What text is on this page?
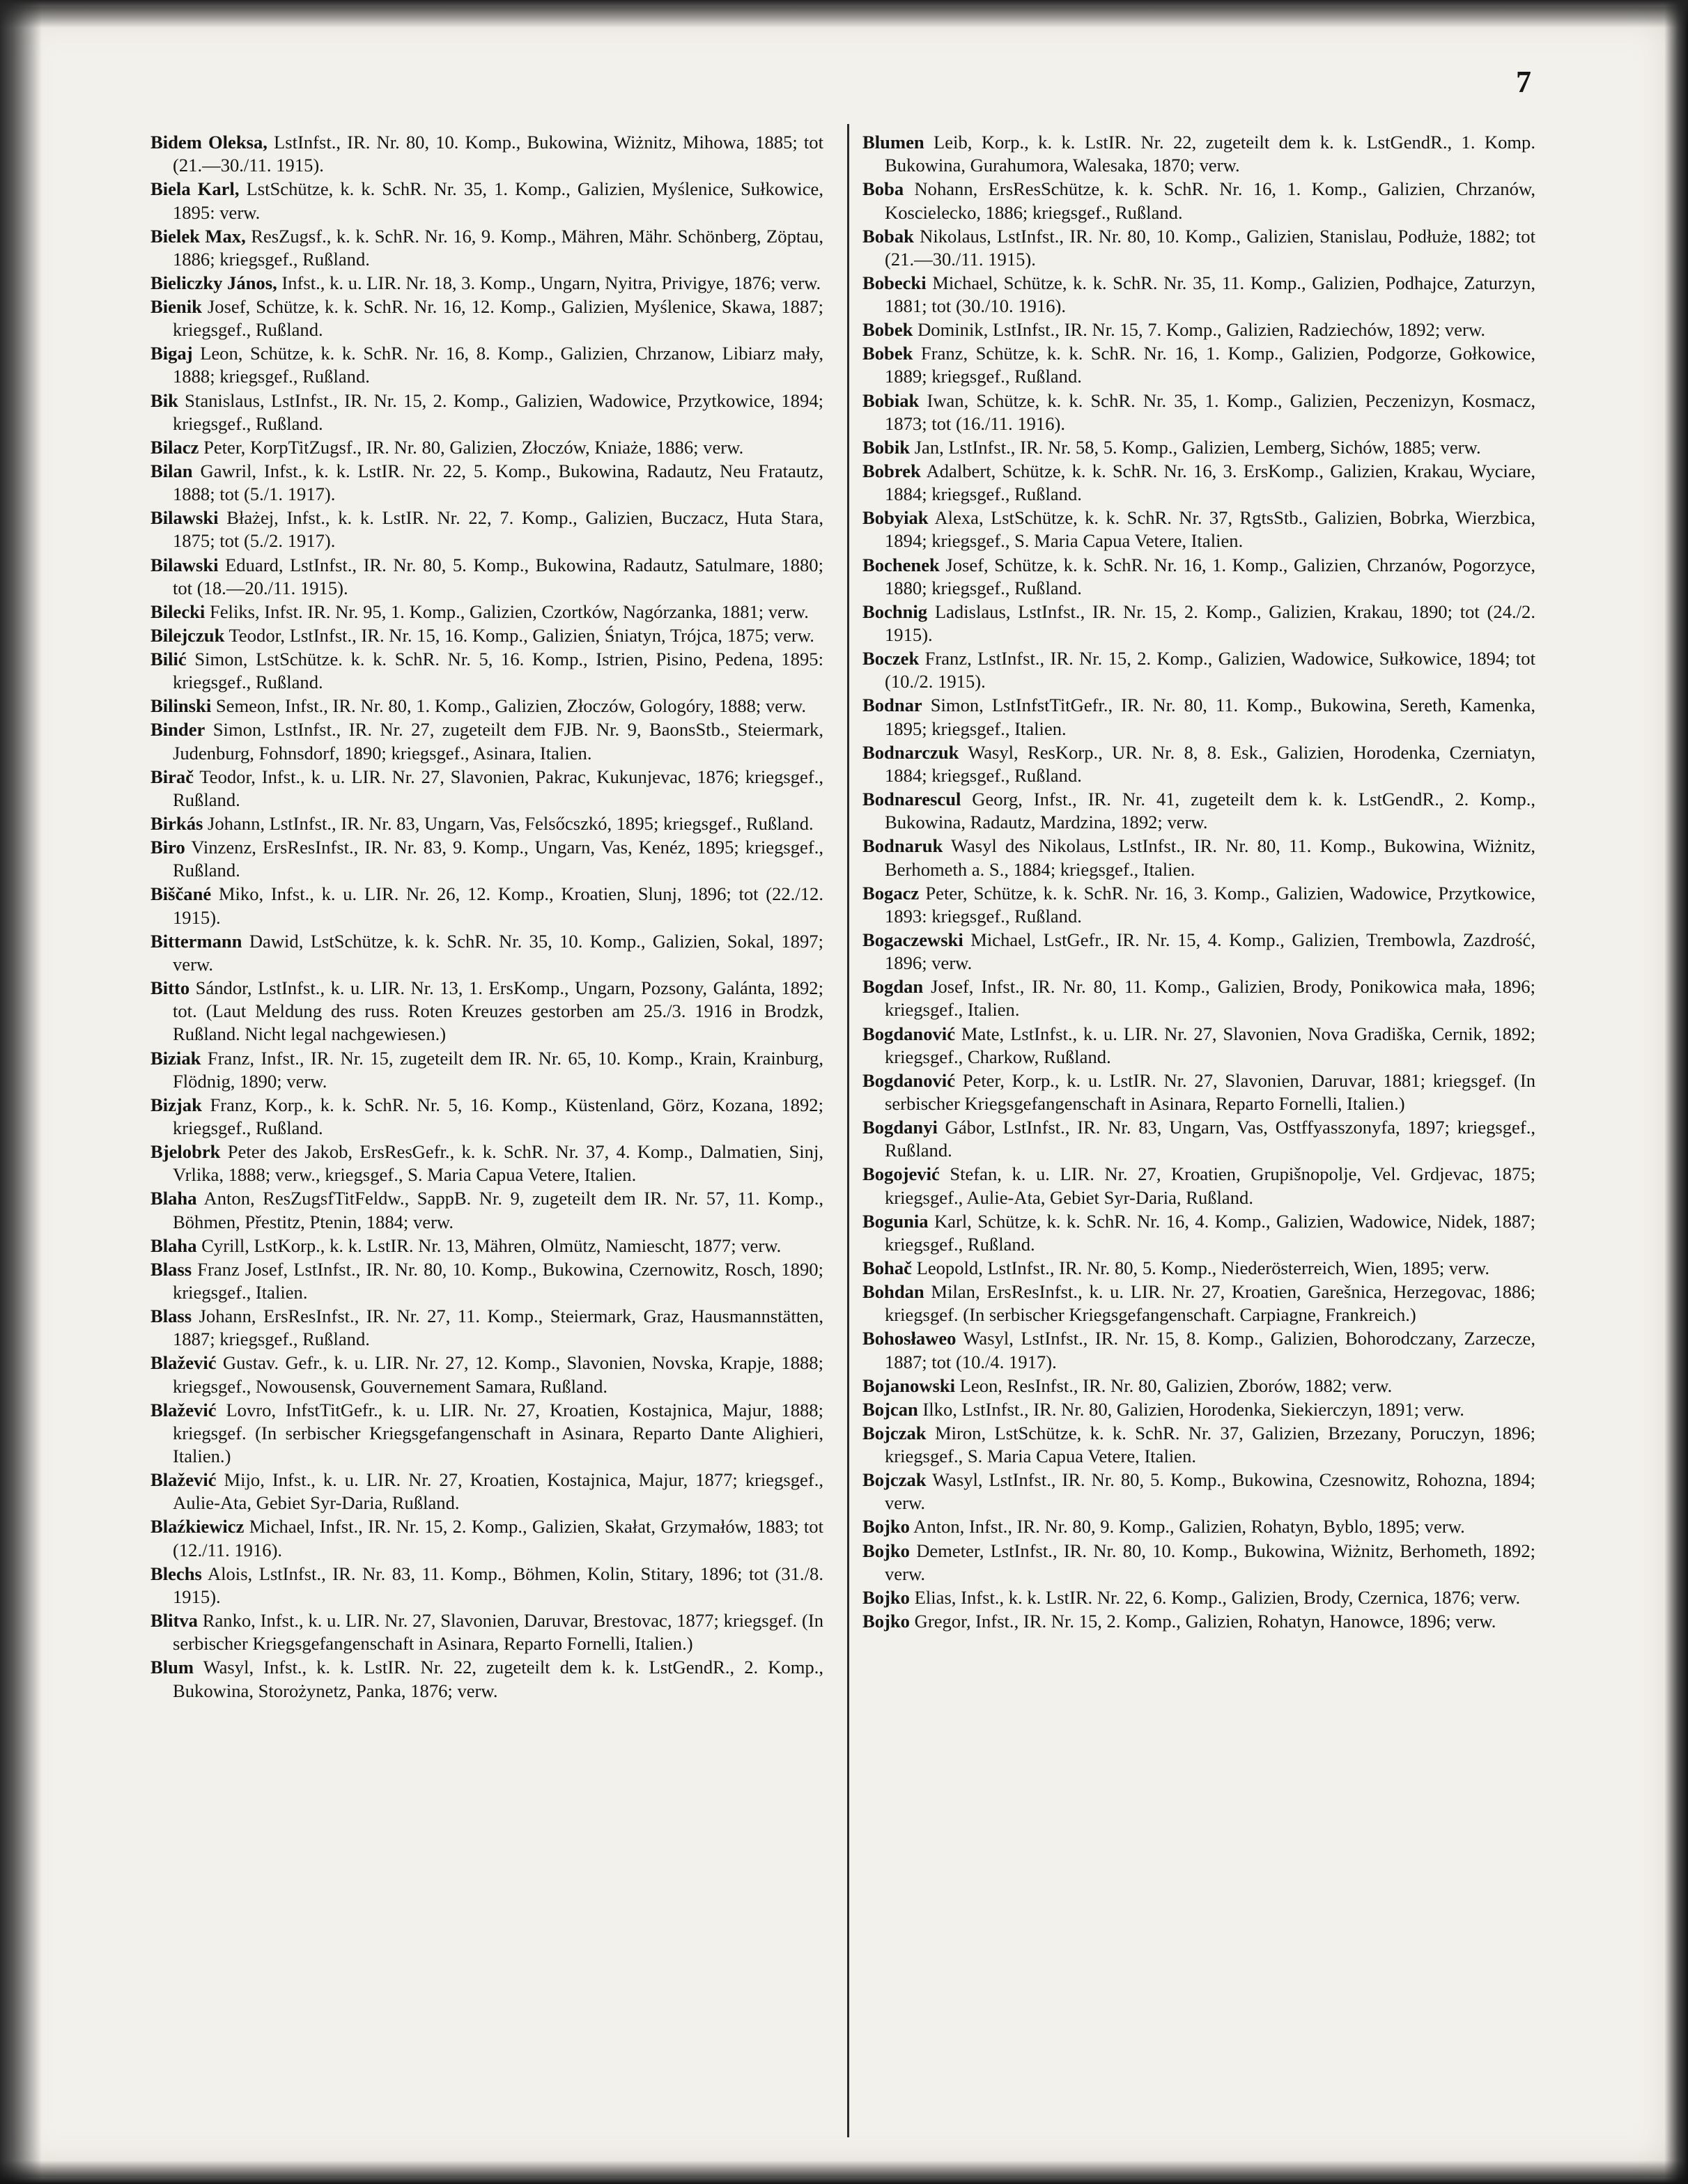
7
Bidem Oleksa, LstInfst., IR. Nr. 80, 10. Komp., Bukowina, Wiżnitz, Mihowa, 1885; tot (21.—30./11. 1915).
Biela Karl, LstSchütze, k. k. SchR. Nr. 35, 1. Komp., Galizien, Myślenice, Sułkowice, 1895: verw.
Bielek Max, ResZugsf., k. k. SchR. Nr. 16, 9. Komp., Mähren, Mähr. Schönberg, Zöptau, 1886; kriegsgef., Rußland.
Bieliczky János, Infst., k. u. LIR. Nr. 18, 3. Komp., Ungarn, Nyitra, Privigye, 1876; verw.
Bienik Josef, Schütze, k. k. SchR. Nr. 16, 12. Komp., Galizien, Myślenice, Skawa, 1887; kriegsgef., Rußland.
Bigaj Leon, Schütze, k. k. SchR. Nr. 16, 8. Komp., Galizien, Chrzanow, Libiarz mały, 1888; kriegsgef., Rußland.
Bik Stanislaus, LstInfst., IR. Nr. 15, 2. Komp., Galizien, Wadowice, Przytkowice, 1894; kriegsgef., Rußland.
Bilacz Peter, KorpTitZugsf., IR. Nr. 80, Galizien, Złoczów, Kniaże, 1886; verw.
Bilan Gawril, Infst., k. k. LstIR. Nr. 22, 5. Komp., Bukowina, Radautz, Neu Fratautz, 1888; tot (5./1. 1917).
Bilawski Błażej, Infst., k. k. LstIR. Nr. 22, 7. Komp., Galizien, Buczacz, Huta Stara, 1875; tot (5./2. 1917).
Bilawski Eduard, LstInfst., IR. Nr. 80, 5. Komp., Bukowina, Radautz, Satulmare, 1880; tot (18.—20./11. 1915).
Bilecki Feliks, Infst. IR. Nr. 95, 1. Komp., Galizien, Czortków, Nagórzanka, 1881; verw.
Bilejczuk Teodor, LstInfst., IR. Nr. 15, 16. Komp., Galizien, Śniatyn, Trójca, 1875; verw.
Bilić Simon, LstSchütze. k. k. SchR. Nr. 5, 16. Komp., Istrien, Pisino, Pedena, 1895: kriegsgef., Rußland.
Bilinski Semeon, Infst., IR. Nr. 80, 1. Komp., Galizien, Złoczów, Gologóry, 1888; verw.
Binder Simon, LstInfst., IR. Nr. 27, zugeteilt dem FJB. Nr. 9, BaonsStb., Steiermark, Judenburg, Fohnsdorf, 1890; kriegsgef., Asinara, Italien.
Birač Teodor, Infst., k. u. LIR. Nr. 27, Slavonien, Pakrac, Kukunjevac, 1876; kriegsgef., Rußland.
Birkás Johann, LstInfst., IR. Nr. 83, Ungarn, Vas, Felsőcszkó, 1895; kriegsgef., Rußland.
Biro Vinzenz, ErsResInfst., IR. Nr. 83, 9. Komp., Ungarn, Vas, Kenéz, 1895; kriegsgef., Rußland.
Biščané Miko, Infst., k. u. LIR. Nr. 26, 12. Komp., Kroatien, Slunj, 1896; tot (22./12. 1915).
Bittermann Dawid, LstSchütze, k. k. SchR. Nr. 35, 10. Komp., Galizien, Sokal, 1897; verw.
Bitto Sándor, LstInfst., k. u. LIR. Nr. 13, 1. ErsKomp., Ungarn, Pozsony, Galánta, 1892; tot. (Laut Meldung des russ. Roten Kreuzes gestorben am 25./3. 1916 in Brodzk, Rußland. Nicht legal nachgewiesen.)
Biziak Franz, Infst., IR. Nr. 15, zugeteilt dem IR. Nr. 65, 10. Komp., Krain, Krainburg, Flödnig, 1890; verw.
Bizjak Franz, Korp., k. k. SchR. Nr. 5, 16. Komp., Küstenland, Görz, Kozana, 1892; kriegsgef., Rußland.
Bjelobrk Peter des Jakob, ErsResGefr., k. k. SchR. Nr. 37, 4. Komp., Dalmatien, Sinj, Vrlika, 1888; verw., kriegsgef., S. Maria Capua Vetere, Italien.
Blaha Anton, ResZugsfTitFeldw., SappB. Nr. 9, zugeteilt dem IR. Nr. 57, 11. Komp., Böhmen, Přestitz, Ptenin, 1884; verw.
Blaha Cyrill, LstKorp., k. k. LstIR. Nr. 13, Mähren, Olmütz, Namiescht, 1877; verw.
Blass Franz Josef, LstInfst., IR. Nr. 80, 10. Komp., Bukowina, Czernowitz, Rosch, 1890; kriegsgef., Italien.
Blass Johann, ErsResInfst., IR. Nr. 27, 11. Komp., Steiermark, Graz, Hausmannstätten, 1887; kriegsgef., Rußland.
Blažević Gustav. Gefr., k. u. LIR. Nr. 27, 12. Komp., Slavonien, Novska, Krapje, 1888; kriegsgef., Nowousensk, Gouvernement Samara, Rußland.
Blažević Lovro, InfstTitGefr., k. u. LIR. Nr. 27, Kroatien, Kostajnica, Majur, 1888; kriegsgef. (In serbischer Kriegsgefangenschaft in Asinara, Reparto Dante Alighieri, Italien.)
Blažević Mijo, Infst., k. u. LIR. Nr. 27, Kroatien, Kostajnica, Majur, 1877; kriegsgef., Aulie-Ata, Gebiet Syr-Daria, Rußland.
Blaźkiewicz Michael, Infst., IR. Nr. 15, 2. Komp., Galizien, Skałat, Grzymałów, 1883; tot (12./11. 1916).
Blechs Alois, LstInfst., IR. Nr. 83, 11. Komp., Böhmen, Kolin, Stitary, 1896; tot (31./8. 1915).
Blitva Ranko, Infst., k. u. LIR. Nr. 27, Slavonien, Daruvar, Brestovac, 1877; kriegsgef. (In serbischer Kriegsgefangenschaft in Asinara, Reparto Fornelli, Italien.)
Blum Wasyl, Infst., k. k. LstIR. Nr. 22, zugeteilt dem k. k. LstGendR., 2. Komp., Bukowina, Storożynetz, Panka, 1876; verw.
Blumen Leib, Korp., k. k. LstIR. Nr. 22, zugeteilt dem k. k. LstGendR., 1. Komp. Bukowina, Gurahumora, Walesaka, 1870; verw.
Boba Nohann, ErsResSchütze, k. k. SchR. Nr. 16, 1. Komp., Galizien, Chrzanów, Koscielecko, 1886; kriegsgef., Rußland.
Bobak Nikolaus, LstInfst., IR. Nr. 80, 10. Komp., Galizien, Stanislau, Podłuże, 1882; tot (21.—30./11. 1915).
Bobecki Michael, Schütze, k. k. SchR. Nr. 35, 11. Komp., Galizien, Podhajce, Zaturzyn, 1881; tot (30./10. 1916).
Bobek Dominik, LstInfst., IR. Nr. 15, 7. Komp., Galizien, Radziechów, 1892; verw.
Bobek Franz, Schütze, k. k. SchR. Nr. 16, 1. Komp., Galizien, Podgorze, Gołkowice, 1889; kriegsgef., Rußland.
Bobiak Iwan, Schütze, k. k. SchR. Nr. 35, 1. Komp., Galizien, Peczenizyn, Kosmacz, 1873; tot (16./11. 1916).
Bobik Jan, LstInfst., IR. Nr. 58, 5. Komp., Galizien, Lemberg, Sichów, 1885; verw.
Bobrek Adalbert, Schütze, k. k. SchR. Nr. 16, 3. ErsKomp., Galizien, Krakau, Wyciare, 1884; kriegsgef., Rußland.
Bobyiak Alexa, LstSchütze, k. k. SchR. Nr. 37, RgtsStb., Galizien, Bobrka, Wierzbica, 1894; kriegsgef., S. Maria Capua Vetere, Italien.
Bochenek Josef, Schütze, k. k. SchR. Nr. 16, 1. Komp., Galizien, Chrzanów, Pogorzyce, 1880; kriegsgef., Rußland.
Bochnig Ladislaus, LstInfst., IR. Nr. 15, 2. Komp., Galizien, Krakau, 1890; tot (24./2. 1915).
Boczek Franz, LstInfst., IR. Nr. 15, 2. Komp., Galizien, Wadowice, Sułkowice, 1894; tot (10./2. 1915).
Bodnar Simon, LstInfstTitGefr., IR. Nr. 80, 11. Komp., Bukowina, Sereth, Kamenka, 1895; kriegsgef., Italien.
Bodnarczuk Wasyl, ResKorp., UR. Nr. 8, 8. Esk., Galizien, Horodenka, Czerniatyn, 1884; kriegsgef., Rußland.
Bodnarescul Georg, Infst., IR. Nr. 41, zugeteilt dem k. k. LstGendR., 2. Komp., Bukowina, Radautz, Mardzina, 1892; verw.
Bodnaruk Wasyl des Nikolaus, LstInfst., IR. Nr. 80, 11. Komp., Bukowina, Wiżnitz, Berhometh a. S., 1884; kriegsgef., Italien.
Bogacz Peter, Schütze, k. k. SchR. Nr. 16, 3. Komp., Galizien, Wadowice, Przytkowice, 1893: kriegsgef., Rußland.
Bogaczewski Michael, LstGefr., IR. Nr. 15, 4. Komp., Galizien, Trembowla, Zazdrość, 1896; verw.
Bogdan Josef, Infst., IR. Nr. 80, 11. Komp., Galizien, Brody, Ponikowica mała, 1896; kriegsgef., Italien.
Bogdanović Mate, LstInfst., k. u. LIR. Nr. 27, Slavonien, Nova Gradiška, Cernik, 1892; kriegsgef., Charkow, Rußland.
Bogdanović Peter, Korp., k. u. LstIR. Nr. 27, Slavonien, Daruvar, 1881; kriegsgef. (In serbischer Kriegsgefangenschaft in Asinara, Reparto Fornelli, Italien.)
Bogdanyi Gábor, LstInfst., IR. Nr. 83, Ungarn, Vas, Ostffyasszonyfa, 1897; kriegsgef., Rußland.
Bogojević Stefan, k. u. LIR. Nr. 27, Kroatien, Grupišnopolje, Vel. Grdjevac, 1875; kriegsgef., Aulie-Ata, Gebiet Syr-Daria, Rußland.
Bogunia Karl, Schütze, k. k. SchR. Nr. 16, 4. Komp., Galizien, Wadowice, Nidek, 1887; kriegsgef., Rußland.
Bohač Leopold, LstInfst., IR. Nr. 80, 5. Komp., Niederösterreich, Wien, 1895; verw.
Bohdan Milan, ErsResInfst., k. u. LIR. Nr. 27, Kroatien, Garešnica, Herzegovac, 1886; kriegsgef. (In serbischer Kriegsgefangenschaft. Carpiagne, Frankreich.)
Bohosławeo Wasyl, LstInfst., IR. Nr. 15, 8. Komp., Galizien, Bohorodczany, Zarzecze, 1887; tot (10./4. 1917).
Bojanowski Leon, ResInfst., IR. Nr. 80, Galizien, Zborów, 1882; verw.
Bojcan Ilko, LstInfst., IR. Nr. 80, Galizien, Horodenka, Siekierczyn, 1891; verw.
Bojczak Miron, LstSchütze, k. k. SchR. Nr. 37, Galizien, Brzezany, Poruczyn, 1896; kriegsgef., S. Maria Capua Vetere, Italien.
Bojczak Wasyl, LstInfst., IR. Nr. 80, 5. Komp., Bukowina, Czesnowitz, Rohozna, 1894; verw.
Bojko Anton, Infst., IR. Nr. 80, 9. Komp., Galizien, Rohatyn, Byblo, 1895; verw.
Bojko Demeter, LstInfst., IR. Nr. 80, 10. Komp., Bukowina, Wiżnitz, Berhometh, 1892; verw.
Bojko Elias, Infst., k. k. LstIR. Nr. 22, 6. Komp., Galizien, Brody, Czernica, 1876; verw.
Bojko Gregor, Infst., IR. Nr. 15, 2. Komp., Galizien, Rohatyn, Hanowce, 1896; verw.
